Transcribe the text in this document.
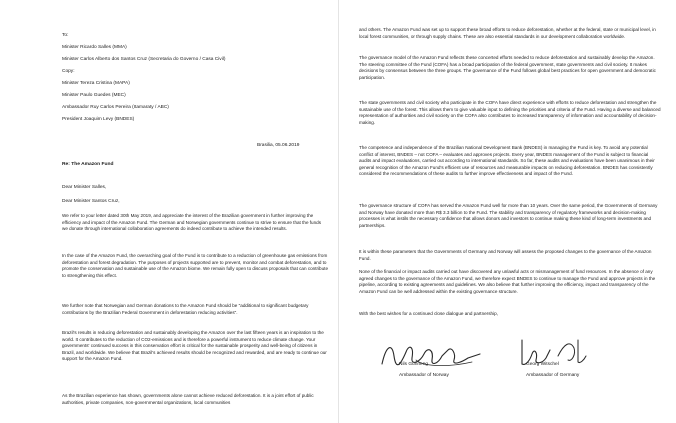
To:
Minister Ricardo Salles (MMA)
Minister Carlos Alberto dos Santos Cruz (Secretaria do Governo / Casa Civil)
Copy:
Minister Tereza Cristina (MAPA)
Minister Paulo Guedes (MEC)
Ambassador Ruy Carlos Pereira (Itamaraty / ABC)
President Joaquim Levy (BNDES)
Brasilia, 05.06.2019
Re: The Amazon Fund
Dear Minister Salles,
Dear Minister Santos Cruz,

We refer to your letter dated 30th May 2019, and appreciate the interest of the Brazilian government in further improving the efficiency and impact of the Amazon Fund. The German and Norwegian governments continue to strive to ensure that the funds we donate through international collaboration agreements do indeed contribute to achieve the intended results.

In the case of the Amazon Fund, the overarching goal of the Fund is to contribute to a reduction of greenhouse gas emissions from deforestation and forest degradation. The purposes of projects supported are to prevent, monitor and combat deforestation, and to promote the conservation and sustainable use of the Amazon biome. We remain fully open to discuss proposals that can contribute to strengthening this effect.

We further note that Norwegian and German donations to the Amazon Fund should be "additional to significant budgetary contributions by the Brazilian Federal Government in deforestation reducing activities".

Brazil's results in reducing deforestation and sustainably developing the Amazon over the last fifteen years is an inspiration to the world. It contributes to the reduction of CO2-emissions and is therefore a powerful instrument to reduce climate change. Your governments' continued success in this conservation effort is critical for the sustainable prosperity and well-being of citizens in Brazil, and worldwide. We believe that Brazil's achieved results should be recognized and rewarded, and are ready to continue our support for the Amazon Fund.

As the Brazilian experience has shown, governments alone cannot achieve reduced deforestation. It is a joint effort of public authorities, private companies, non-governmental organizations, local communities

and others. The Amazon Fund was set up to support these broad efforts to reduce deforestation, whether at the federal, state or municipal level, in local forest communities, or through supply chains. These are also essential standards in our development collaboration worldwide.

The governance model of the Amazon Fund reflects these concerted efforts needed to reduce deforestation and sustainably develop the Amazon. The steering committee of the Fund (COFA) has a broad participation of the federal government, state governments and civil society. It makes decisions by consensus between the three groups. The governance of the Fund follows global best practices for open government and democratic participation.

The state governments and civil society who participate in the COFA have direct experience with efforts to reduce deforestation and strengthen the sustainable use of the forest. This allows them to give valuable input to defining the priorities and criteria of the Fund. Having a diverse and balanced representation of authorities and civil society on the COFA also contributes to increased transparency of information and accountability of decision-making.

The competence and independence of the Brazilian National Development Bank (BNDES) in managing the Fund is key. To avoid any potential conflict of interest, BNDES – not COFA – evaluates and approves projects. Every year, BNDES management of the Fund is subject to financial audits and impact evaluations, carried out according to international standards. So far, these audits and evaluations have been unanimous in their general recognition of the Amazon Fund's efficient use of resources and measurable impacts on reducing deforestation. BNDES has consistently considered the recommendations of these audits to further improve effectiveness and impact of the Fund.

The governance structure of COFA has served the Amazon Fund well for more than 10 years. Over the same period, the Governments of Germany and Norway have donated more than R$ 3.3 billion to the Fund. The stability and transparency of regulatory frameworks and decision-making processes is what instils the necessary confidence that allows donors and investors to continue making these kind of long-term investments and partnerships.

It is within these parameters that the Governments of Germany and Norway will assess the proposed changes to the governance of the Amazon Fund.

None of the financial or impact audits carried out have discovered any unlawful acts or mismanagement of fund resources. In the absence of any agreed changes to the governance of the Amazon Fund, we therefore expect BNDES to continue to manage the Fund and approve projects in the pipeline, according to existing agreements and guidelines. We also believe that further improving the efficiency, impact and transparency of the Amazon Fund can be well addressed within the existing governance structure.

With the best wishes for a continued close dialogue and partnership,

Nils Gunneng
Ambassador of Norway
Georg Witschel
Ambassador of Germany
